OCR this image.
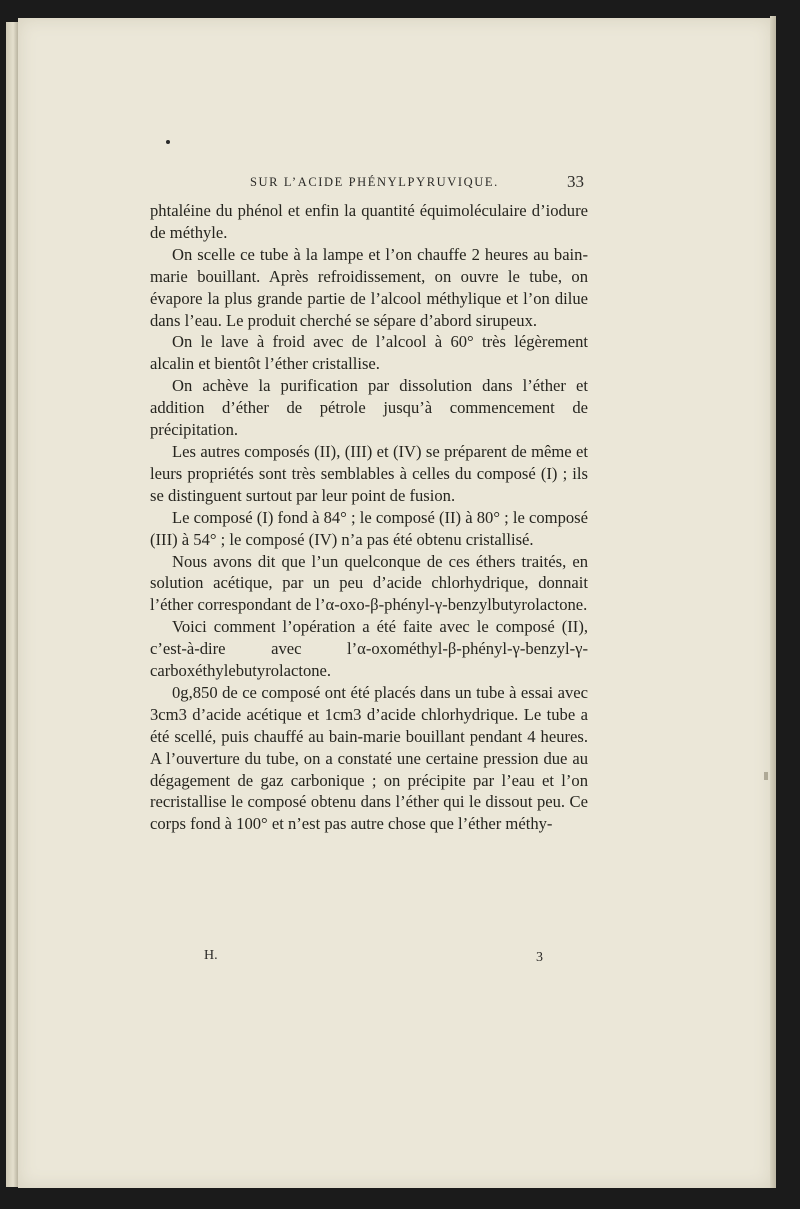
SUR L’ACIDE PHÉNYLPYRUVIQUE.	33

phtaléine du phénol et enfin la quantité équimoléculaire d’iodure de méthyle.

On scelle ce tube à la lampe et l’on chauffe 2 heures au bain-marie bouillant. Après refroidissement, on ouvre le tube, on évapore la plus grande partie de l’alcool méthylique et l’on dilue dans l’eau. Le produit cherché se sépare d’abord sirupeux.

On le lave à froid avec de l’alcool à 60° très légèrement alcalin et bientôt l’éther cristallise.

On achève la purification par dissolution dans l’éther et addition d’éther de pétrole jusqu’à commencement de précipitation.

Les autres composés (II), (III) et (IV) se préparent de même et leurs propriétés sont très semblables à celles du composé (I) ; ils se distinguent surtout par leur point de fusion.

Le composé (I) fond à 84° ; le composé (II) à 80° ; le composé (III) à 54° ; le composé (IV) n’a pas été obtenu cristallisé.

Nous avons dit que l’un quelconque de ces éthers traités, en solution acétique, par un peu d’acide chlorhydrique, donnait l’éther correspondant de l’α-oxo-β-phényl-γ-benzylbutyrolactone.

Voici comment l’opération a été faite avec le composé (II), c’est-à-dire avec l’α-oxométhyl-β-phényl-γ-benzyl-γ-carboxéthylebutyrolactone.

0g,850 de ce composé ont été placés dans un tube à essai avec 3cm3 d’acide acétique et 1cm3 d’acide chlorhydrique. Le tube a été scellé, puis chauffé au bain-marie bouillant pendant 4 heures. A l’ouverture du tube, on a constaté une certaine pression due au dégagement de gaz carbonique ; on précipite par l’eau et l’on recristallise le composé obtenu dans l’éther qui le dissout peu. Ce corps fond à 100° et n’est pas autre chose que l’éther méthy-

H.	3
